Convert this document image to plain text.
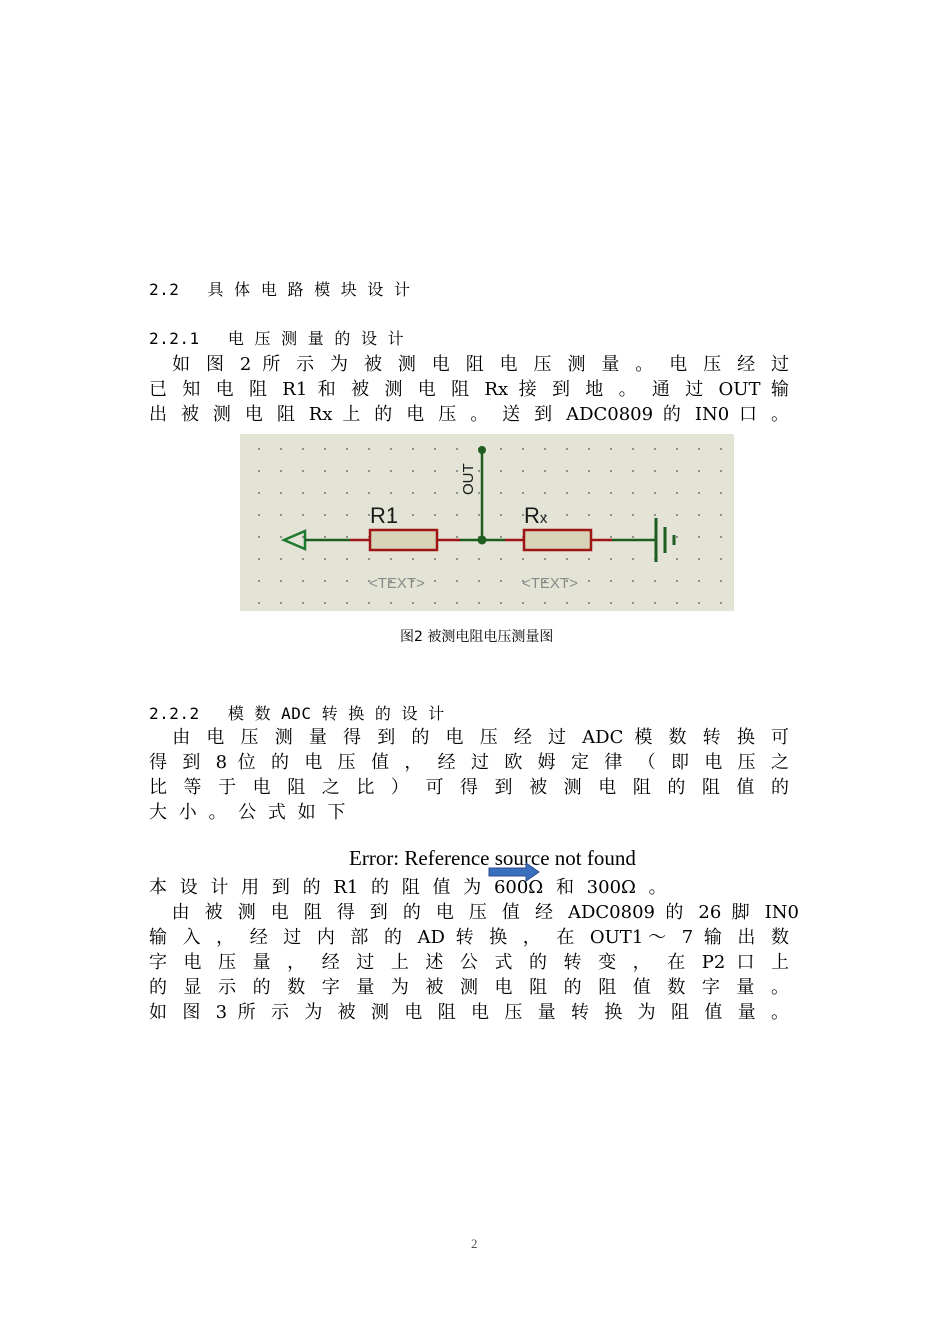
2.2 具 体 电 路 模 块 设 计
2.2.1 电 压 测 量 的 设 计
　如 图 2 所 示 为 被 测 电 阻 电 压 测 量 。 电 压 经 过
已 知 电 阻 R1 和 被 测 电 阻 Rx 接 到 地 。 通 过 OUT 输
出 被 测 电 阻 Rx 上 的 电 压 。 送 到 ADC0809 的 IN0 口 。
OUT
R1	Rx
<TEXT>	<TEXT>
图2 被测电阻电压测量图
2.2.2 模 数 ADC 转 换 的 设 计
　由 电 压 测 量 得 到 的 电 压 经 过 ADC 模 数 转 换 可
得 到 8 位 的 电 压 值 ， 经 过 欧 姆 定 律 （ 即 电 压 之
比 等 于 电 阻 之 比 ） 可 得 到 被 测 电 阻 的 阻 值 的
大 小 。 公 式 如 下
Error: Reference source not found
本 设 计 用 到 的 R1 的 阻 值 为 600Ω 和 300Ω 。
　由 被 测 电 阻 得 到 的 电 压 值 经 ADC0809 的 26 脚 IN0
输 入 ， 经 过 内 部 的 AD 转 换 ， 在 OUT1～ 7 输 出 数
字 电 压 量 ， 经 过 上 述 公 式 的 转 变 ， 在 P2 口 上
的 显 示 的 数 字 量 为 被 测 电 阻 的 阻 值 数 字 量 。
如 图 3 所 示 为 被 测 电 阻 电 压 量 转 换 为 阻 值 量 。
2
